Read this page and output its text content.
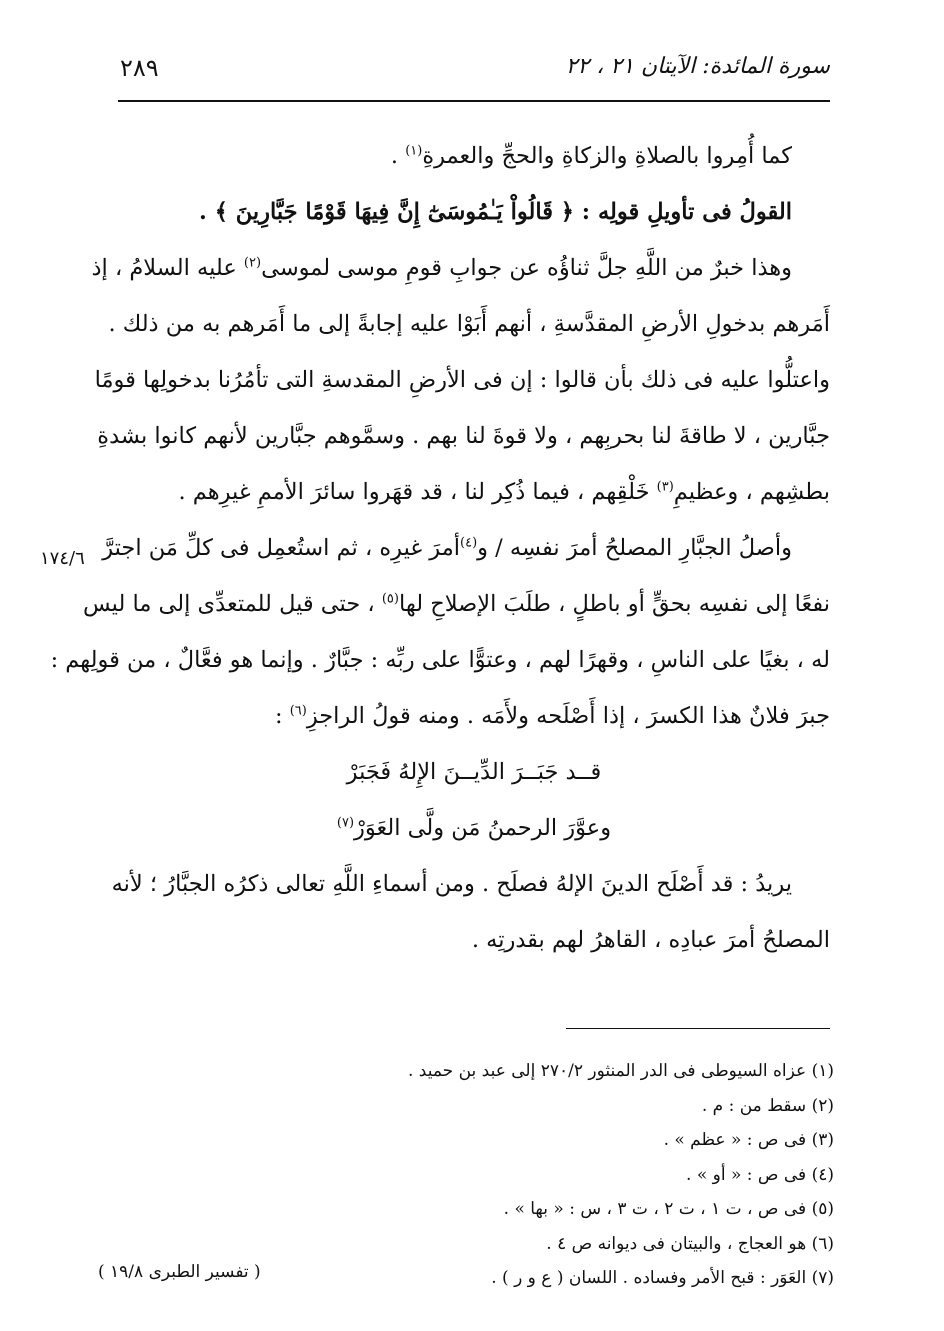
٢٨٩	سورة المائدة: الآيتان ٢١ ، ٢٢
١٧٤/٦
كما أُمِروا بالصلاةِ والزكاةِ والحجِّ والعمرةِ$^{(١)}$ .
القولُ فى تأويلِ قولِه : ﴿ قَالُواْ يَـٰمُوسَىٰٓ إِنَّ فِيهَا قَوْمًا جَبَّارِينَ ﴾ .
وهذا خبرٌ من اللَّهِ جلَّ ثناؤُه عن جوابِ قومِ موسى لموسى$^{(٢)}$ عليه السلامُ ، إذ
أَمَرهم بدخولِ الأرضِ المقدَّسةِ ، أنهم أَبَوْا عليه إجابةً إلى ما أَمَرهم به من ذلك .
واعتلُّوا عليه فى ذلك بأن قالوا : إن فى الأرضِ المقدسةِ التى تأمُرُنا بدخولِها قومًا
جبَّارين ، لا طاقةَ لنا بحربِهم ، ولا قوةَ لنا بهم . وسمَّوهم جبَّارين لأنهم كانوا بشدةِ
بطشِهم ، وعظيمِ$^{(٣)}$ خَلْقِهم ، فيما ذُكِر لنا ، قد قهَروا سائرَ الأممِ غيرِهم .
وأصلُ الجبَّارِ المصلحُ أمرَ نفسِه / و$^{(٤)}$أمرَ غيرِه ، ثم استُعمِل فى كلِّ مَن اجترَّ
نفعًا إلى نفسِه بحقٍّ أو باطلٍ ، طلَبَ الإصلاحِ لها$^{(٥)}$ ، حتى قيل للمتعدِّى إلى ما ليس
له ، بغيًا على الناسِ ، وقهرًا لهم ، وعتوًّا على ربِّه : جبَّارٌ . وإنما هو فعَّالٌ ، من قولِهم :
جبرَ فلانٌ هذا الكسرَ ، إذا أَصْلَحه ولأَمَه . ومنه قولُ الراجزِ$^{(٦)}$ :
قــد جَبَــرَ الدِّيــنَ الإِلهُ فَجَبَرْ
وعوَّرَ الرحمنُ مَن ولَّى العَوَرْ$^{(٧)}$
يريدُ : قد أَصْلَح الدينَ الإلهُ فصلَح . ومن أسماءِ اللَّهِ تعالى ذكرُه الجبَّارُ ؛ لأنه
المصلحُ أمرَ عبادِه ، القاهرُ لهم بقدرتِه .
(١) عزاه السيوطى فى الدر المنثور ٢٧٠/٢ إلى عبد بن حميد .
(٢) سقط من : م .
(٣) فى ص : « عظم » .
(٤) فى ص : « أو » .
(٥) فى ص ، ت ١ ، ت ٢ ، ت ٣ ، س : « بها » .
(٦) هو العجاج ، والبيتان فى ديوانه ص ٤ .
(٧) العَوَر : قبح الأمر وفساده . اللسان ( ع و ر ) .
( تفسير الطبرى ١٩/٨ )
